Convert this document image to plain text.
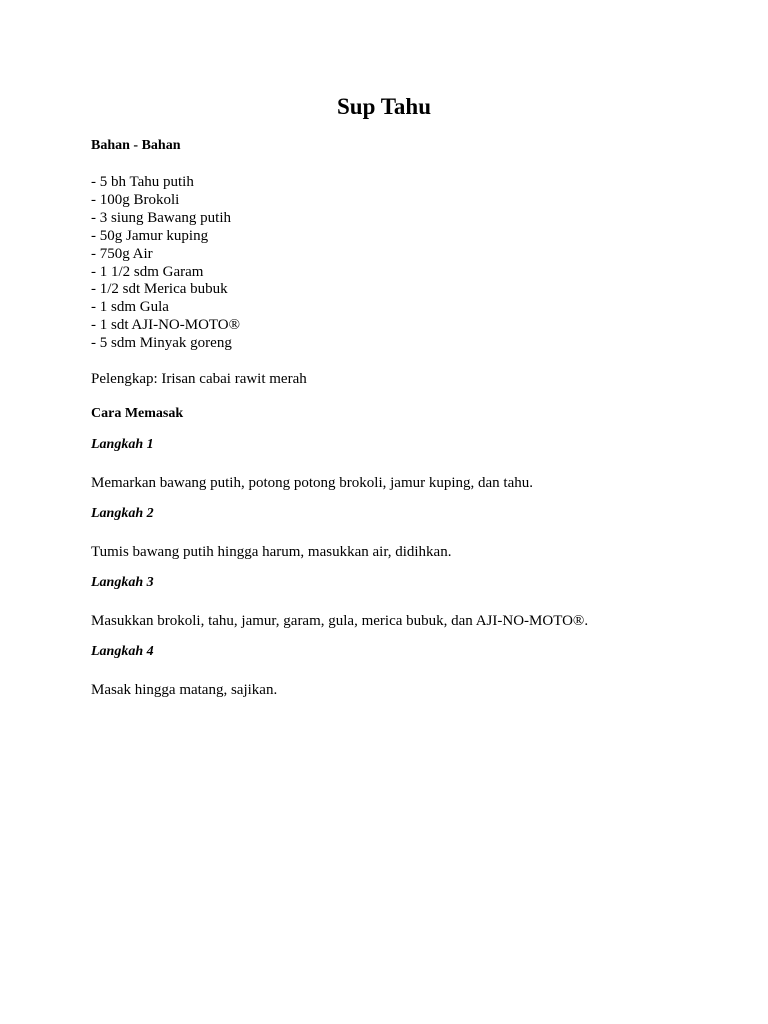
Sup Tahu

Bahan - Bahan

- 5 bh Tahu putih
- 100g Brokoli
- 3 siung Bawang putih
- 50g Jamur kuping
- 750g Air
- 1 1/2 sdm Garam
- 1/2 sdt Merica bubuk
- 1 sdm Gula
- 1 sdt AJI-NO-MOTO®
- 5 sdm Minyak goreng

Pelengkap: Irisan cabai rawit merah

Cara Memasak

Langkah 1

Memarkan bawang putih, potong potong brokoli, jamur kuping, dan tahu.

Langkah 2

Tumis bawang putih hingga harum, masukkan air, didihkan.

Langkah 3

Masukkan brokoli, tahu, jamur, garam, gula, merica bubuk, dan AJI-NO-MOTO®.

Langkah 4

Masak hingga matang, sajikan.
